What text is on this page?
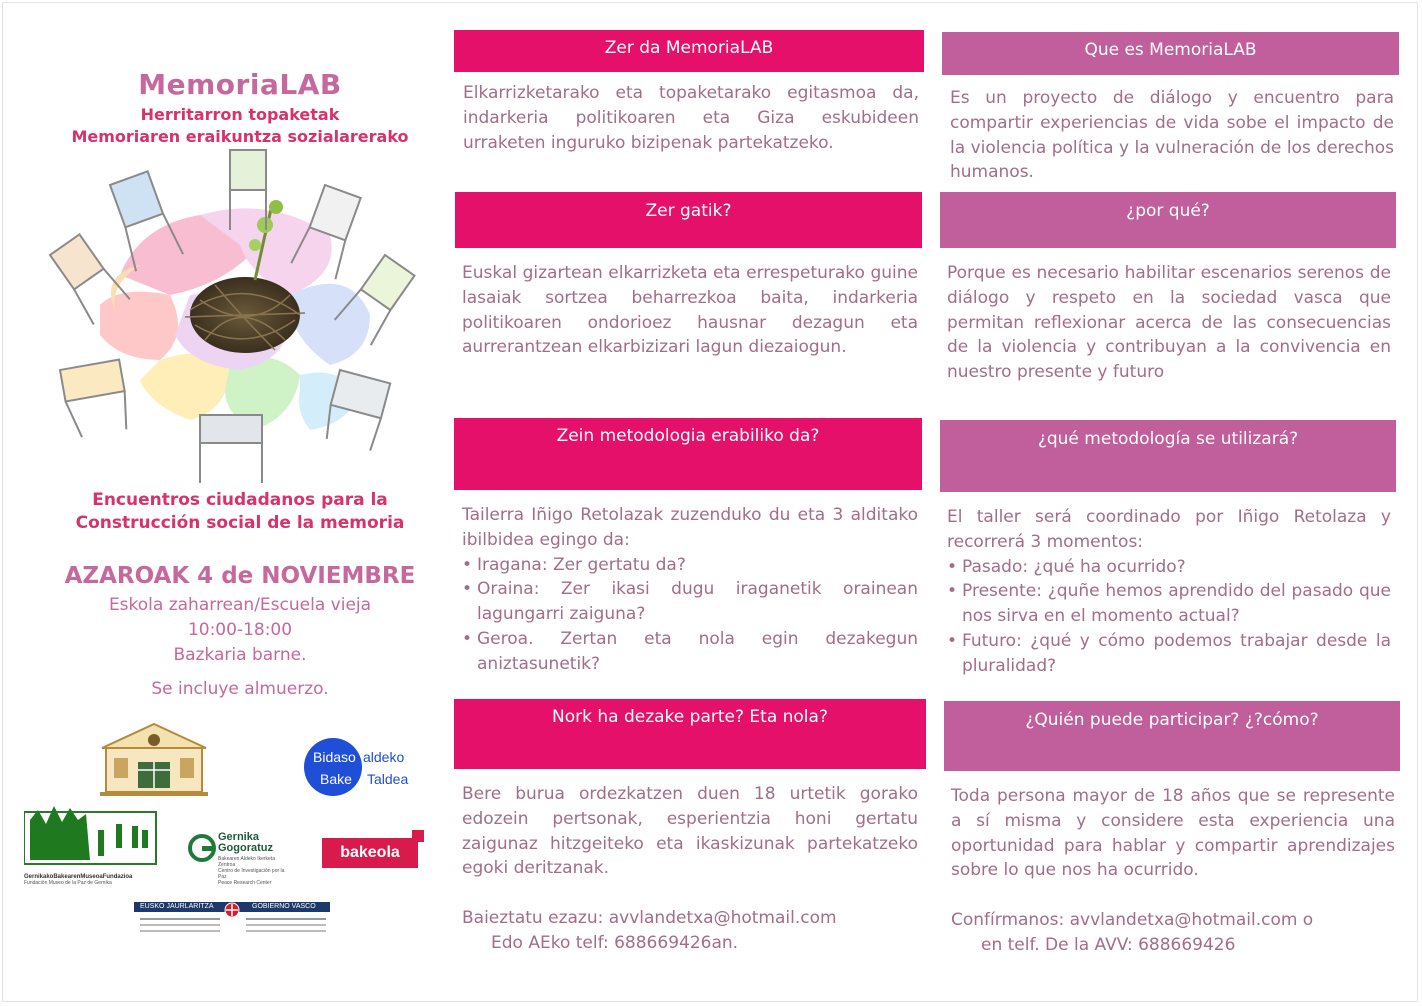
MemoriaLAB
Herritarron topaketak
Memoriaren eraikuntza sozialarerako
Encuentros ciudadanos para la
Construcción social de la memoria
AZAROAK 4 de NOVIEMBRE
Eskola zaharrean/Escuela vieja
10:00-18:00
Bazkaria barne.
Se incluye almuerzo.
Bidaso aldeko
Bake Taldea
GernikakoBakearenMuseoaFundazioa
Fundación Museo de la Paz de Gernika
Gernika
Gogoratuz
Bakearen Aldeko Ikerketa Zentroa
Centro de Investigación por la Paz
Peace Research Center
bakeola
EUSKO JAURLARITZA	GOBIERNO VASCO
Zer da MemoriaLAB
Elkarrizketarako eta topaketarako egitasmoa da, indarkeria politikoaren eta Giza eskubideen urraketen inguruko bizipenak partekatzeko.
Zer gatik?
Euskal gizartean elkarrizketa eta errespeturako guine lasaiak sortzea beharrezkoa baita, indarkeria politikoaren ondorioez hausnar dezagun eta aurrerantzean elkarbizizari lagun diezaiogun.
Zein metodologia erabiliko da?

Tailerra Iñigo Retolazak zuzenduko du eta 3 alditako ibilbidea egingo da:

• Iragana: Zer gertatu da?
• Oraina: Zer ikasi dugu iraganetik orainean lagungarri zaiguna?
• Geroa. Zertan eta nola egin dezakegun aniztasunetik?
Nork ha dezake parte? Eta nola?
Bere burua ordezkatzen duen 18 urtetik gorako edozein pertsonak, esperientzia honi gertatu zaigunaz hitzgeiteko eta ikaskizunak partekatzeko egoki deritzanak.
Baieztatu ezazu: avvlandetxa@hotmail.com
Edo AEko telf: 688669426an.
Que es MemoriaLAB
Es un proyecto de diálogo y encuentro para compartir experiencias de vida sobe el impacto de la violencia política y la vulneración de los derechos humanos.
¿por qué?
Porque es necesario habilitar escenarios serenos de diálogo y respeto en la sociedad vasca que permitan reflexionar acerca de las consecuencias de la violencia y contribuyan a la convivencia en nuestro presente y futuro
¿qué metodología se utilizará?

El taller será coordinado por Iñigo Retolaza y recorrerá 3 momentos:

• Pasado: ¿qué ha ocurrido?
• Presente: ¿quñe hemos aprendido del pasado que nos sirva en el momento actual?
• Futuro: ¿qué y cómo podemos trabajar desde la pluralidad?
¿Quién puede participar? ¿?cómo?
Toda persona mayor de 18 años que se represente a sí misma y considere esta experiencia una oportunidad para hablar y compartir aprendizajes sobre lo que nos ha ocurrido.
Confírmanos: avvlandetxa@hotmail.com o
en telf. De la AVV: 688669426
